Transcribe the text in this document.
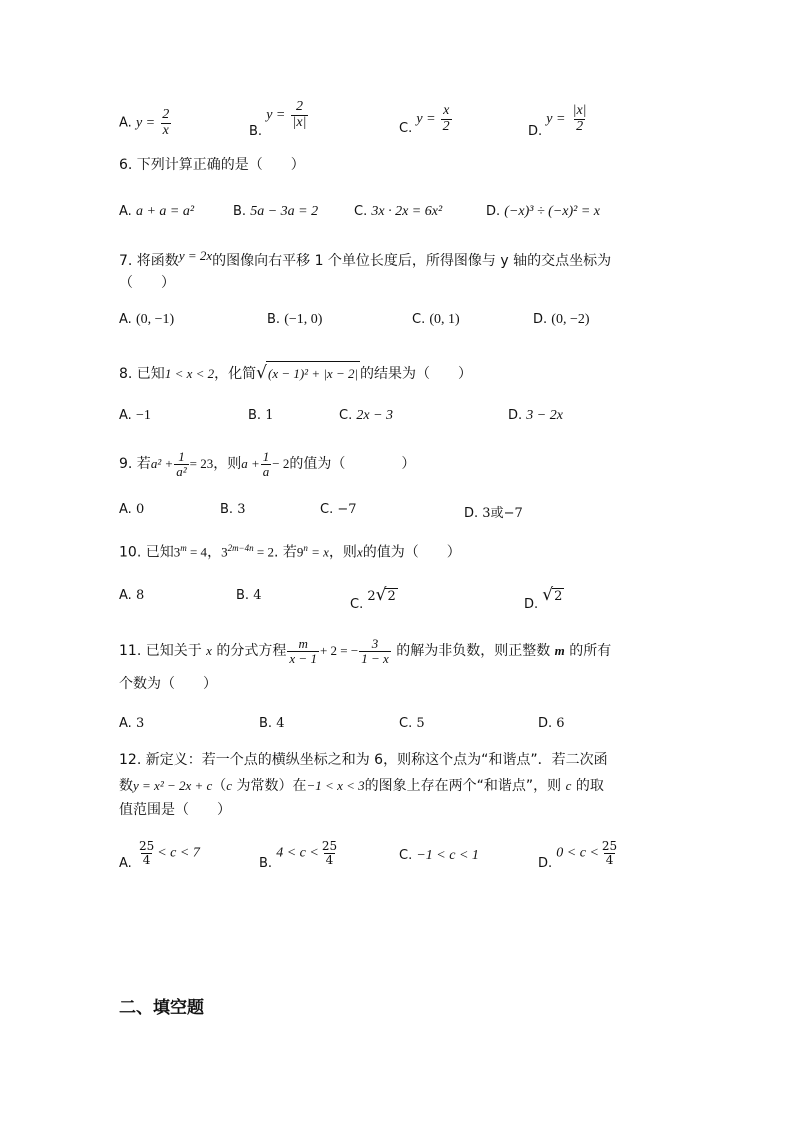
A. $y = \frac{2}{x}$	B. $y = \frac{2}{|x|}$	C. $y = \frac{x}{2}$	D. $y = \frac{|x|}{2}$
6. 下列计算正确的是（　　）
A. a + a = a²	B. 5a − 3a = 2	C. 3x · 2x = 6x²	D. (−x)³ ÷ (−x)² = x
7. 将函数y = 2x的图像向右平移 1 个单位长度后，所得图像与 y 轴的交点坐标为
（　　）
A. (0, −1)	B. (−1, 0)	C. (0, 1)	D. (0, −2)
8. 已知1 < x < 2，化简√(x − 1)² + |x − 2| 的结果为（　　）
A. −1	B. 1	C. 2x − 3	D. 3 − 2x
9. 若$a^2 + \frac{1}{\text{a²}} = 23$，则$a + \frac{1}{a} - 2$的值为（　　　　）
A. 0	B. 3	C. −7	D. 3或−7
10. 已知$3^m = 4$，$3^{2m-4n} = 2$. 若$9^n = x$，则x的值为（　　）
A. 8	B. 4
C. 2√2
D. √2
11. 已知关于 x 的分式方程 $\frac{m}{x - 1} + 2$ = − $\frac{3}{1 - x}$ 的解为非负数，则正整数 m 的所有
个数为（　　）
A. 3	B. 4	C. 5	D. 6
12. 新定义：若一个点的横纵坐标之和为 6，则称这个点为“和谐点”．若二次函
数y = x² − 2x + c（c 为常数）在−1 < x < 3的图象上存在两个“和谐点”，则 c 的取
值范围是（　　）
A. $\frac{25}{4} < c < 7$
B. $4 < c < \frac{25}{4}$	C. −1 < c < 1
D. $0 < c < \frac{25}{4}$
二、填空题
